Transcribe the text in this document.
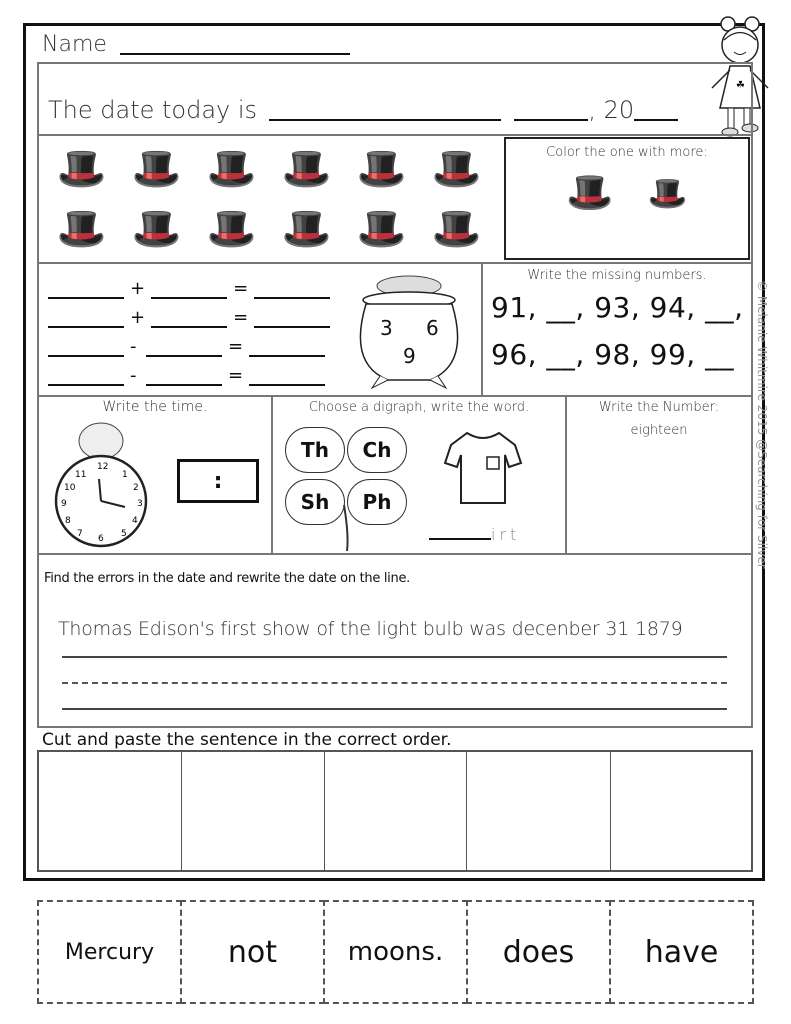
Name
☘
The date today is	, 20
🎩 🎩 🎩 🎩 🎩 🎩
🎩 🎩 🎩 🎩 🎩 🎩
Color the one with more:
🎩 🎩
+	=
+	=
-	=
-	=
3 6
9
Write the missing numbers.
91, __, 93, 94, __,
96, __, 98, 99, __
Write the time.
12
1
2
3
4
5
6
7
8
9
10
11	:
Choose a digraph, write the word.
Th	Ch
Sh	Ph
irt
Write the Number:
eighteen
Find the errors in the date and rewrite the date on the line.
Thomas Edison's first show of the light bulb was decenber 31 1879
Cut and paste the sentence in the correct order.
Mercury not	moons. does have
© Melanie Whitmire 2015 @Searching for Silver
